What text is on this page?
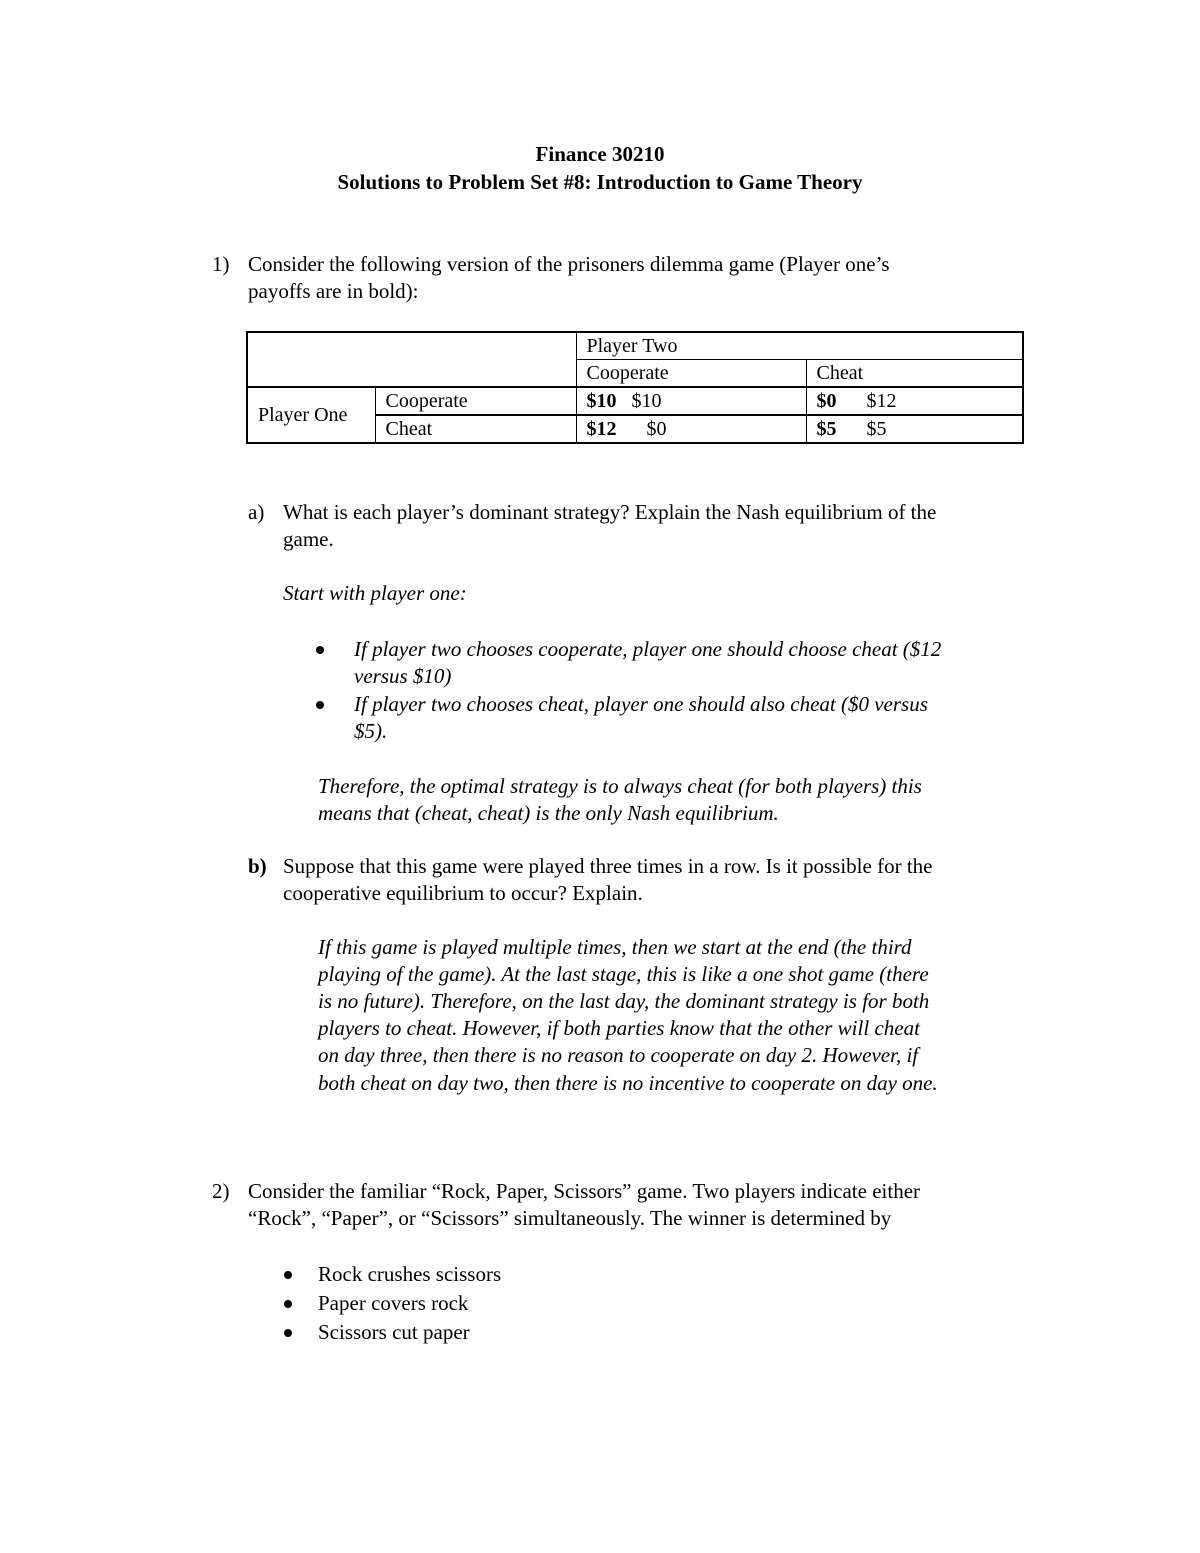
Finance 30210
Solutions to Problem Set #8: Introduction to Game Theory
1) Consider the following version of the prisoners dilemma game (Player one’s
payoffs are in bold):
		Player Two	
		Cooperate	Cheat
Player One	Cooperate	$10 $10	$0 $12
	Cheat	$12 $0	$5 $5
a) What is each player’s dominant strategy? Explain the Nash equilibrium of the
game.
Start with player one:
If player two chooses cooperate, player one should choose cheat ($12
versus $10)
If player two chooses cheat, player one should also cheat ($0 versus
$5).
Therefore, the optimal strategy is to always cheat (for both players) this
means that (cheat, cheat) is the only Nash equilibrium.
b) Suppose that this game were played three times in a row. Is it possible for the
cooperative equilibrium to occur? Explain.
If this game is played multiple times, then we start at the end (the third
playing of the game). At the last stage, this is like a one shot game (there
is no future). Therefore, on the last day, the dominant strategy is for both
players to cheat. However, if both parties know that the other will cheat
on day three, then there is no reason to cooperate on day 2. However, if
both cheat on day two, then there is no incentive to cooperate on day one.
2) Consider the familiar “Rock, Paper, Scissors” game. Two players indicate either
“Rock”, “Paper”, or “Scissors” simultaneously. The winner is determined by
Rock crushes scissors
Paper covers rock
Scissors cut paper
